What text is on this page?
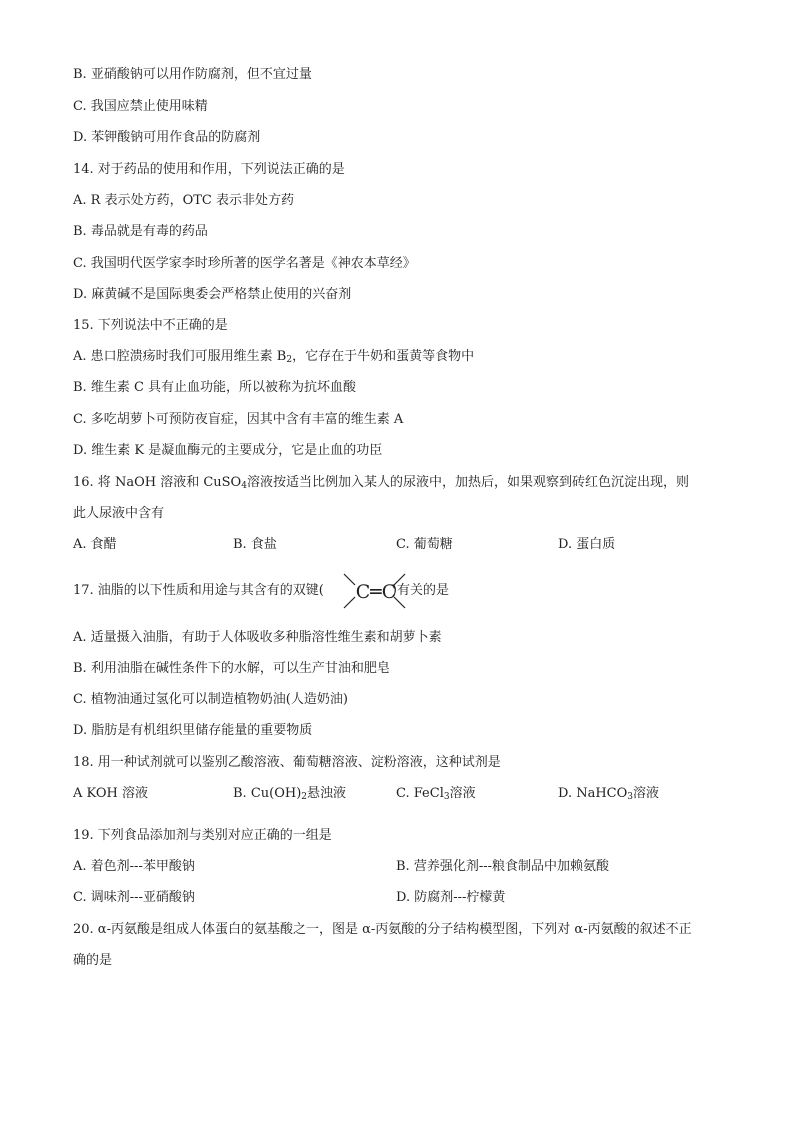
B. 亚硝酸钠可以用作防腐剂，但不宜过量
C. 我国应禁止使用味精
D. 苯钾酸钠可用作食品的防腐剂
14. 对于药品的使用和作用，下列说法正确的是
A. R 表示处方药，OTC 表示非处方药
B. 毒品就是有毒的药品
C. 我国明代医学家李时珍所著的医学名著是《神农本草经》
D. 麻黄碱不是国际奥委会严格禁止使用的兴奋剂
15. 下列说法中不正确的是
A. 患口腔溃疡时我们可服用维生素 $B_2$，它存在于牛奶和蛋黄等食物中
B. 维生素 C 具有止血功能，所以被称为抗坏血酸
C. 多吃胡萝卜可预防夜盲症，因其中含有丰富的维生素 A
D. 维生素 K 是凝血酶元的主要成分，它是止血的功臣
16. 将 NaOH 溶液和 CuSO$_4$溶液按适当比例加入某人的尿液中，加热后，如果观察到砖红色沉淀出现，则
此人尿液中含有
A. 食醋	B. 食盐	C. 葡萄糖	D. 蛋白质
17. 油脂的以下性质和用途与其含有的双键(	)有关的是
C═C
A. 适量摄入油脂，有助于人体吸收多种脂溶性维生素和胡萝卜素
B. 利用油脂在碱性条件下的水解，可以生产甘油和肥皂
C. 植物油通过氢化可以制造植物奶油(人造奶油)
D. 脂肪是有机组织里储存能量的重要物质
18. 用一种试剂就可以鉴别乙酸溶液、葡萄糖溶液、淀粉溶液，这种试剂是
A KOH 溶液	B. $Cu(OH)_2$悬浊液	C. FeCl$_3$溶液	D. NaHCO$_3$溶液
19. 下列食品添加剂与类别对应正确的一组是
A. 着色剂---苯甲酸钠	B. 营养强化剂---粮食制品中加赖氨酸
C. 调味剂---亚硝酸钠	D. 防腐剂---柠檬黄
20. α-丙氨酸是组成人体蛋白的氨基酸之一，图是 α-丙氨酸的分子结构模型图，下列对 α-丙氨酸的叙述不正
确的是
